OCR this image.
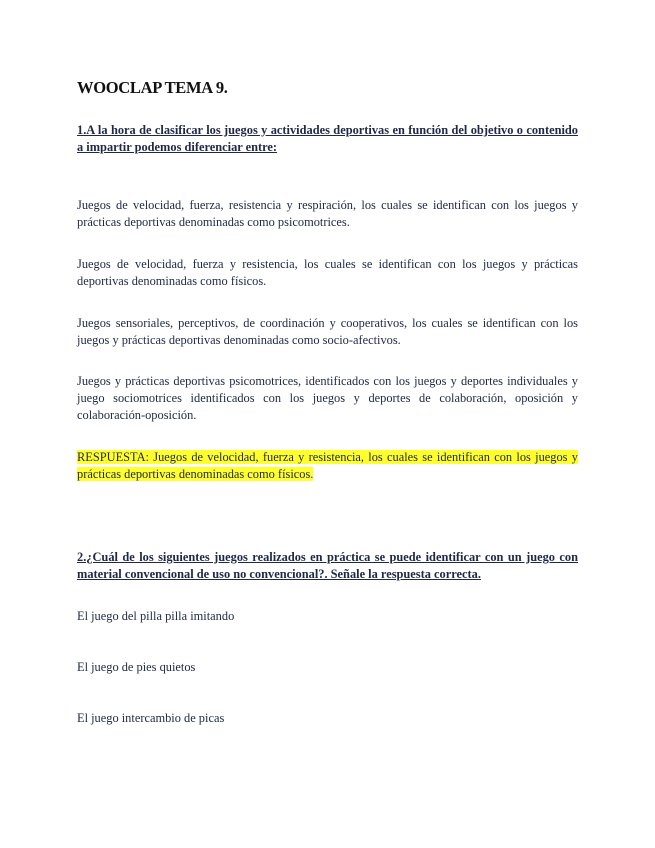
WOOCLAP TEMA 9.
1.A la hora de clasificar los juegos y actividades deportivas en función del objetivo o contenido a impartir podemos diferenciar entre:
Juegos de velocidad, fuerza, resistencia y respiración, los cuales se identifican con los juegos y prácticas deportivas denominadas como psicomotrices.
Juegos de velocidad, fuerza y resistencia, los cuales se identifican con los juegos y prácticas deportivas denominadas como físicos.
Juegos sensoriales, perceptivos, de coordinación y cooperativos, los cuales se identifican con los juegos y prácticas deportivas denominadas como socio-afectivos.
Juegos y prácticas deportivas psicomotrices, identificados con los juegos y deportes individuales y juego sociomotrices identificados con los juegos y deportes de colaboración, oposición y colaboración-oposición.
RESPUESTA: Juegos de velocidad, fuerza y resistencia, los cuales se identifican con los juegos y prácticas deportivas denominadas como físicos.
2.¿Cuál de los siguientes juegos realizados en práctica se puede identificar con un juego con material convencional de uso no convencional?. Señale la respuesta correcta.
El juego del pilla pilla imitando
El juego de pies quietos
El juego intercambio de picas
